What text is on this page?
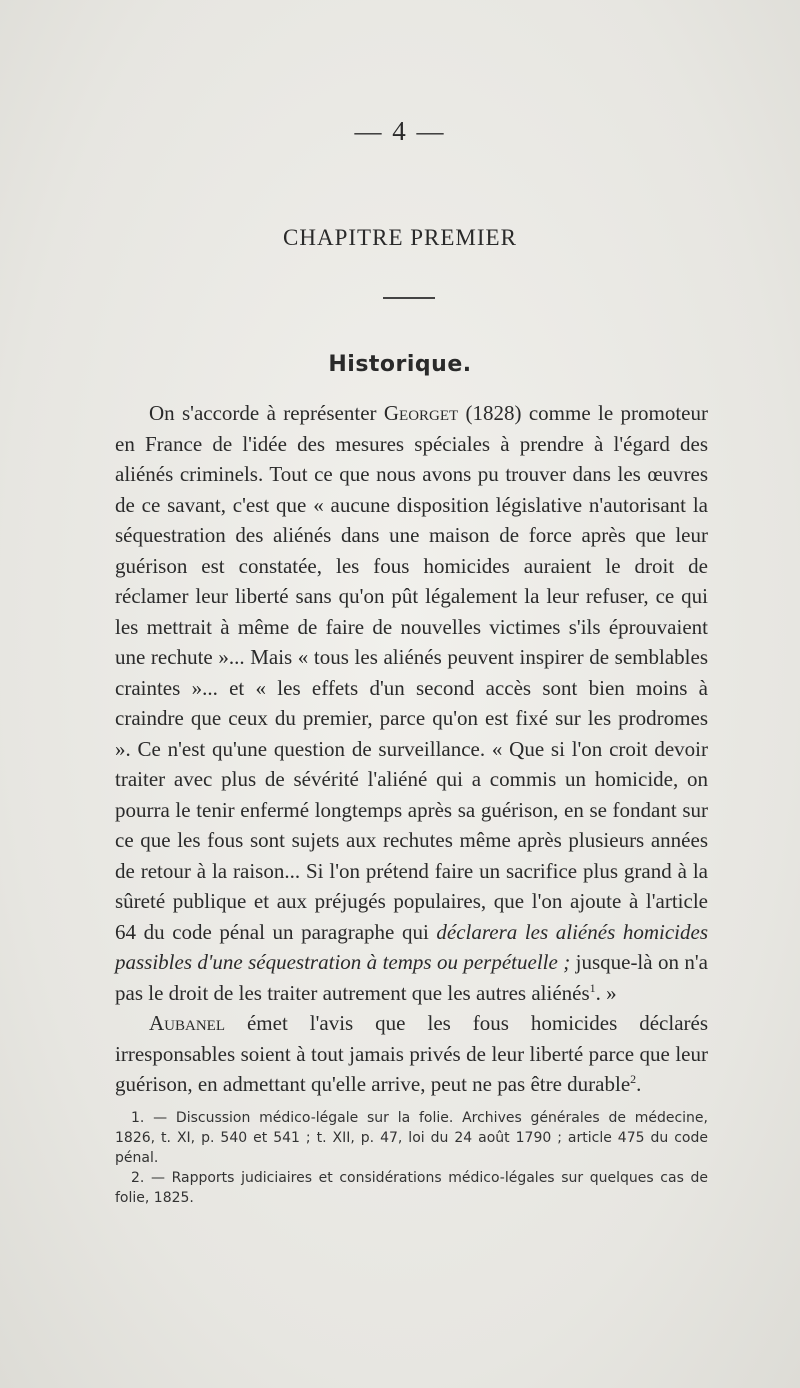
— 4 —
CHAPITRE PREMIER
Historique.

On s'accorde à représenter Georget (1828) comme le promoteur en France de l'idée des mesures spéciales à prendre à l'égard des aliénés criminels. Tout ce que nous avons pu trouver dans les œuvres de ce savant, c'est que « aucune disposition législative n'autorisant la séquestration des aliénés dans une maison de force après que leur guérison est constatée, les fous homicides auraient le droit de réclamer leur liberté sans qu'on pût légalement la leur refuser, ce qui les mettrait à même de faire de nouvelles victimes s'ils éprouvaient une rechute »... Mais « tous les aliénés peuvent inspirer de semblables craintes »... et « les effets d'un second accès sont bien moins à craindre que ceux du premier, parce qu'on est fixé sur les prodromes ». Ce n'est qu'une question de surveillance. « Que si l'on croit devoir traiter avec plus de sévérité l'aliéné qui a commis un homicide, on pourra le tenir enfermé longtemps après sa guérison, en se fondant sur ce que les fous sont sujets aux rechutes même après plusieurs années de retour à la raison... Si l'on prétend faire un sacrifice plus grand à la sûreté publique et aux préjugés populaires, que l'on ajoute à l'article 64 du code pénal un paragraphe qui déclarera les aliénés homicides passibles d'une séquestration à temps ou perpétuelle ; jusque-là on n'a pas le droit de les traiter autrement que les autres aliénés$^1$. »

Aubanel émet l'avis que les fous homicides déclarés irresponsables soient à tout jamais privés de leur liberté parce que leur guérison, en admettant qu'elle arrive, peut ne pas être durable$^2$.

1. — Discussion médico-légale sur la folie. Archives générales de médecine, 1826, t. XI, p. 540 et 541 ; t. XII, p. 47, loi du 24 août 1790 ; article 475 du code pénal.

2. — Rapports judiciaires et considérations médico-légales sur quelques cas de folie, 1825.
